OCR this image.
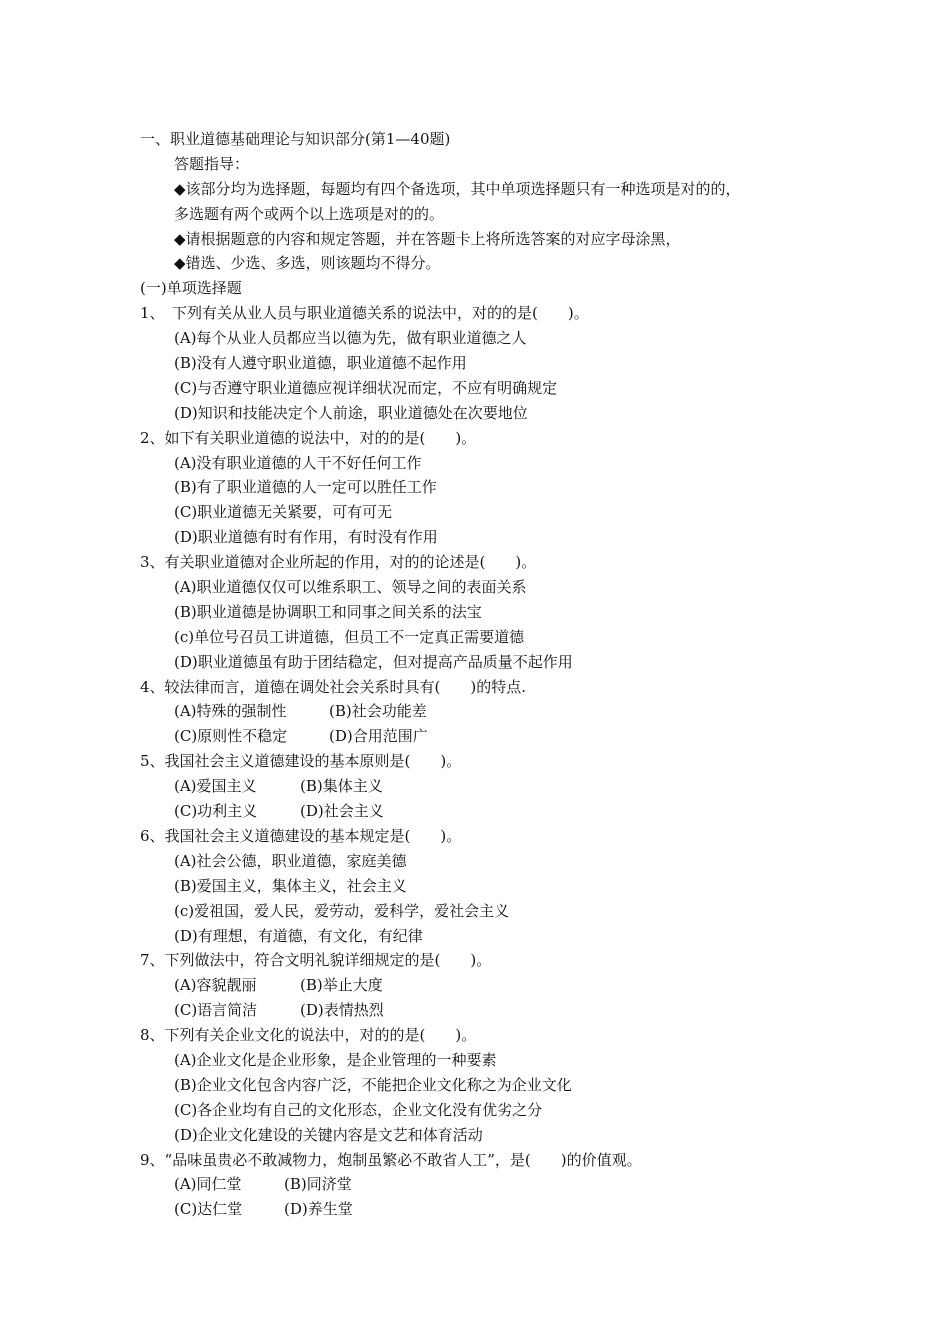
一、职业道德基础理论与知识部分(第1—40题)
答题指导：
◆该部分均为选择题，每题均有四个备选项，其中单项选择题只有一种选项是对的的，
多选题有两个或两个以上选项是对的的。
◆请根据题意的内容和规定答题，并在答题卡上将所选答案的对应字母涂黑，
◆错选、少选、多选，则该题均不得分。
(一)单项选择题
1、　下列有关从业人员与职业道德关系的说法中，对的的是(　　)。
(A)每个从业人员都应当以德为先，做有职业道德之人
(B)没有人遵守职业道德，职业道德不起作用
(C)与否遵守职业道德应视详细状况而定，不应有明确规定
(D)知识和技能决定个人前途，职业道德处在次要地位
2、如下有关职业道德的说法中，对的的是(　　)。
(A)没有职业道德的人干不好任何工作
(B)有了职业道德的人一定可以胜任工作
(C)职业道德无关紧要，可有可无
(D)职业道德有时有作用，有时没有作用
3、有关职业道德对企业所起的作用，对的的论述是(　　)。
(A)职业道德仅仅可以维系职工、领导之间的表面关系
(B)职业道德是协调职工和同事之间关系的法宝
(c)单位号召员工讲道德，但员工不一定真正需要道德
(D)职业道德虽有助于团结稳定，但对提高产品质量不起作用
4、较法律而言，道德在调处社会关系时具有(　　)的特点.
(A)特殊的强制性	(B)社会功能差
(C)原则性不稳定	(D)合用范围广
5、我国社会主义道德建设的基本原则是(　　)。
(A)爱国主义	(B)集体主义
(C)功利主义	(D)社会主义
6、我国社会主义道德建设的基本规定是(　　)。
(A)社会公德，职业道德，家庭美德
(B)爱国主义，集体主义，社会主义
(c)爱祖国，爱人民，爱劳动，爱科学，爱社会主义
(D)有理想，有道德，有文化，有纪律
7、下列做法中，符合文明礼貌详细规定的是(　　)。
(A)容貌靓丽	(B)举止大度
(C)语言简洁	(D)表情热烈
8、下列有关企业文化的说法中，对的的是(　　)。
(A)企业文化是企业形象，是企业管理的一种要素
(B)企业文化包含内容广泛，不能把企业文化称之为企业文化
(C)各企业均有自己的文化形态，企业文化没有优劣之分
(D)企业文化建设的关键内容是文艺和体育活动
9、“品味虽贵必不敢减物力，炮制虽繁必不敢省人工”，是(　　)的价值观。
(A)同仁堂	(B)同济堂
(C)达仁堂	(D)养生堂
